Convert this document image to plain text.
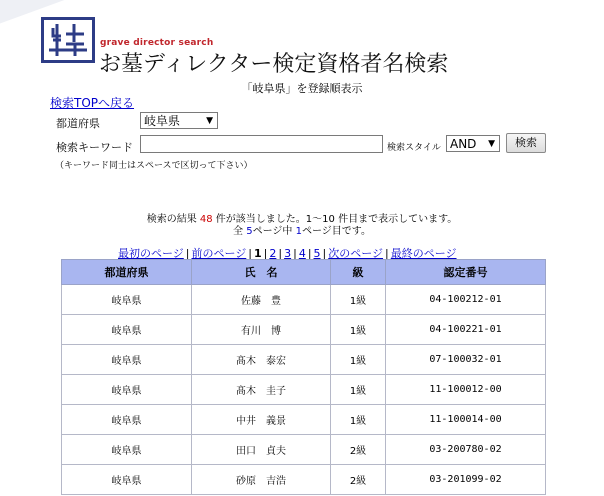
grave director search
お墓ディレクター検定資格者名検索
「岐阜県」を登録順表示
検索TOPへ戻る
都道府県	岐阜県	▼
検索キーワード	検索スタイル AND ▼	検索
（キーワード同士はスペースで区切って下さい）
検索の結果 48 件が該当しました。1～10 件目まで表示しています。
全 5ページ中 1ページ目です。
最初のページ | 前のページ | 1 | 2 | 3 | 4 | 5 | 次のページ | 最終のページ
都道府県	氏　名	級	認定番号
岐阜県	佐藤　豊	1級	04-100212-01
岐阜県	有川　博	1級	04-100221-01
岐阜県	髙木　泰宏	1級	07-100032-01
岐阜県	髙木　圭子	1級	11-100012-00
岐阜県	中井　義景	1級	11-100014-00
岐阜県	田口　貞夫	2級	03-200780-02
岐阜県	砂原　吉浩	2級	03-201099-02
